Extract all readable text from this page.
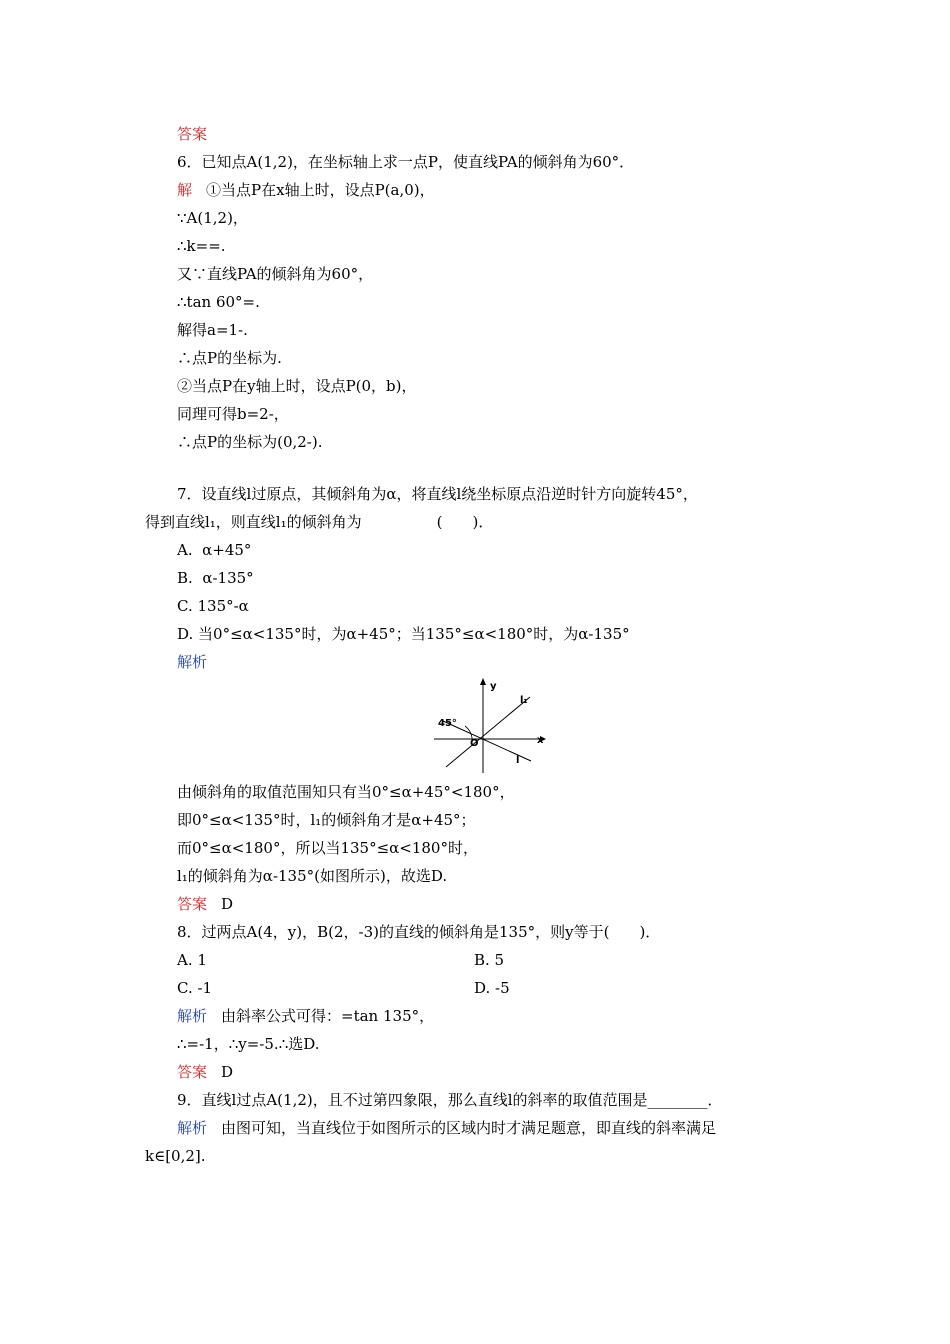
答案
6．已知点A(1,2)，在坐标轴上求一点P，使直线PA的倾斜角为60°．
解 ①当点P在x轴上时，设点P(a,0)，
∵A(1,2)，
∴k==.
又∵直线PA的倾斜角为60°，
∴tan 60°=.
解得a=1-.
∴点P的坐标为.
②当点P在y轴上时，设点P(0，b)，
同理可得b=2-，
∴点P的坐标为(0,2-).
7．设直线l过原点，其倾斜角为α，将直线l绕坐标原点沿逆时针方向旋转45°，
得到直线l₁，则直线l₁的倾斜角为　　　　　(　　)．
A.  α+45°
B.  α-135°
C. 135°-α
D. 当0°≤α<135°时，为α+45°；当135°≤α<180°时，为α-135°
解析
y
x
O
l₁
l
45°
由倾斜角的取值范围知只有当0°≤α+45°<180°，
即0°≤α<135°时，l₁的倾斜角才是α+45°；
而0°≤α<180°，所以当135°≤α<180°时，
l₁的倾斜角为α-135°(如图所示)，故选D.
答案 D
8．过两点A(4，y)，B(2，-3)的直线的倾斜角是135°，则y等于(　　)．
A. 1	B. 5
C. -1	D. -5
解析 由斜率公式可得：=tan 135°，
∴=-1，∴y=-5.∴选D.
答案 D
9．直线l过点A(1,2)，且不过第四象限，那么直线l的斜率的取值范围是________．
解析 由图可知，当直线位于如图所示的区域内时才满足题意，即直线的斜率满足
k∈[0,2].
